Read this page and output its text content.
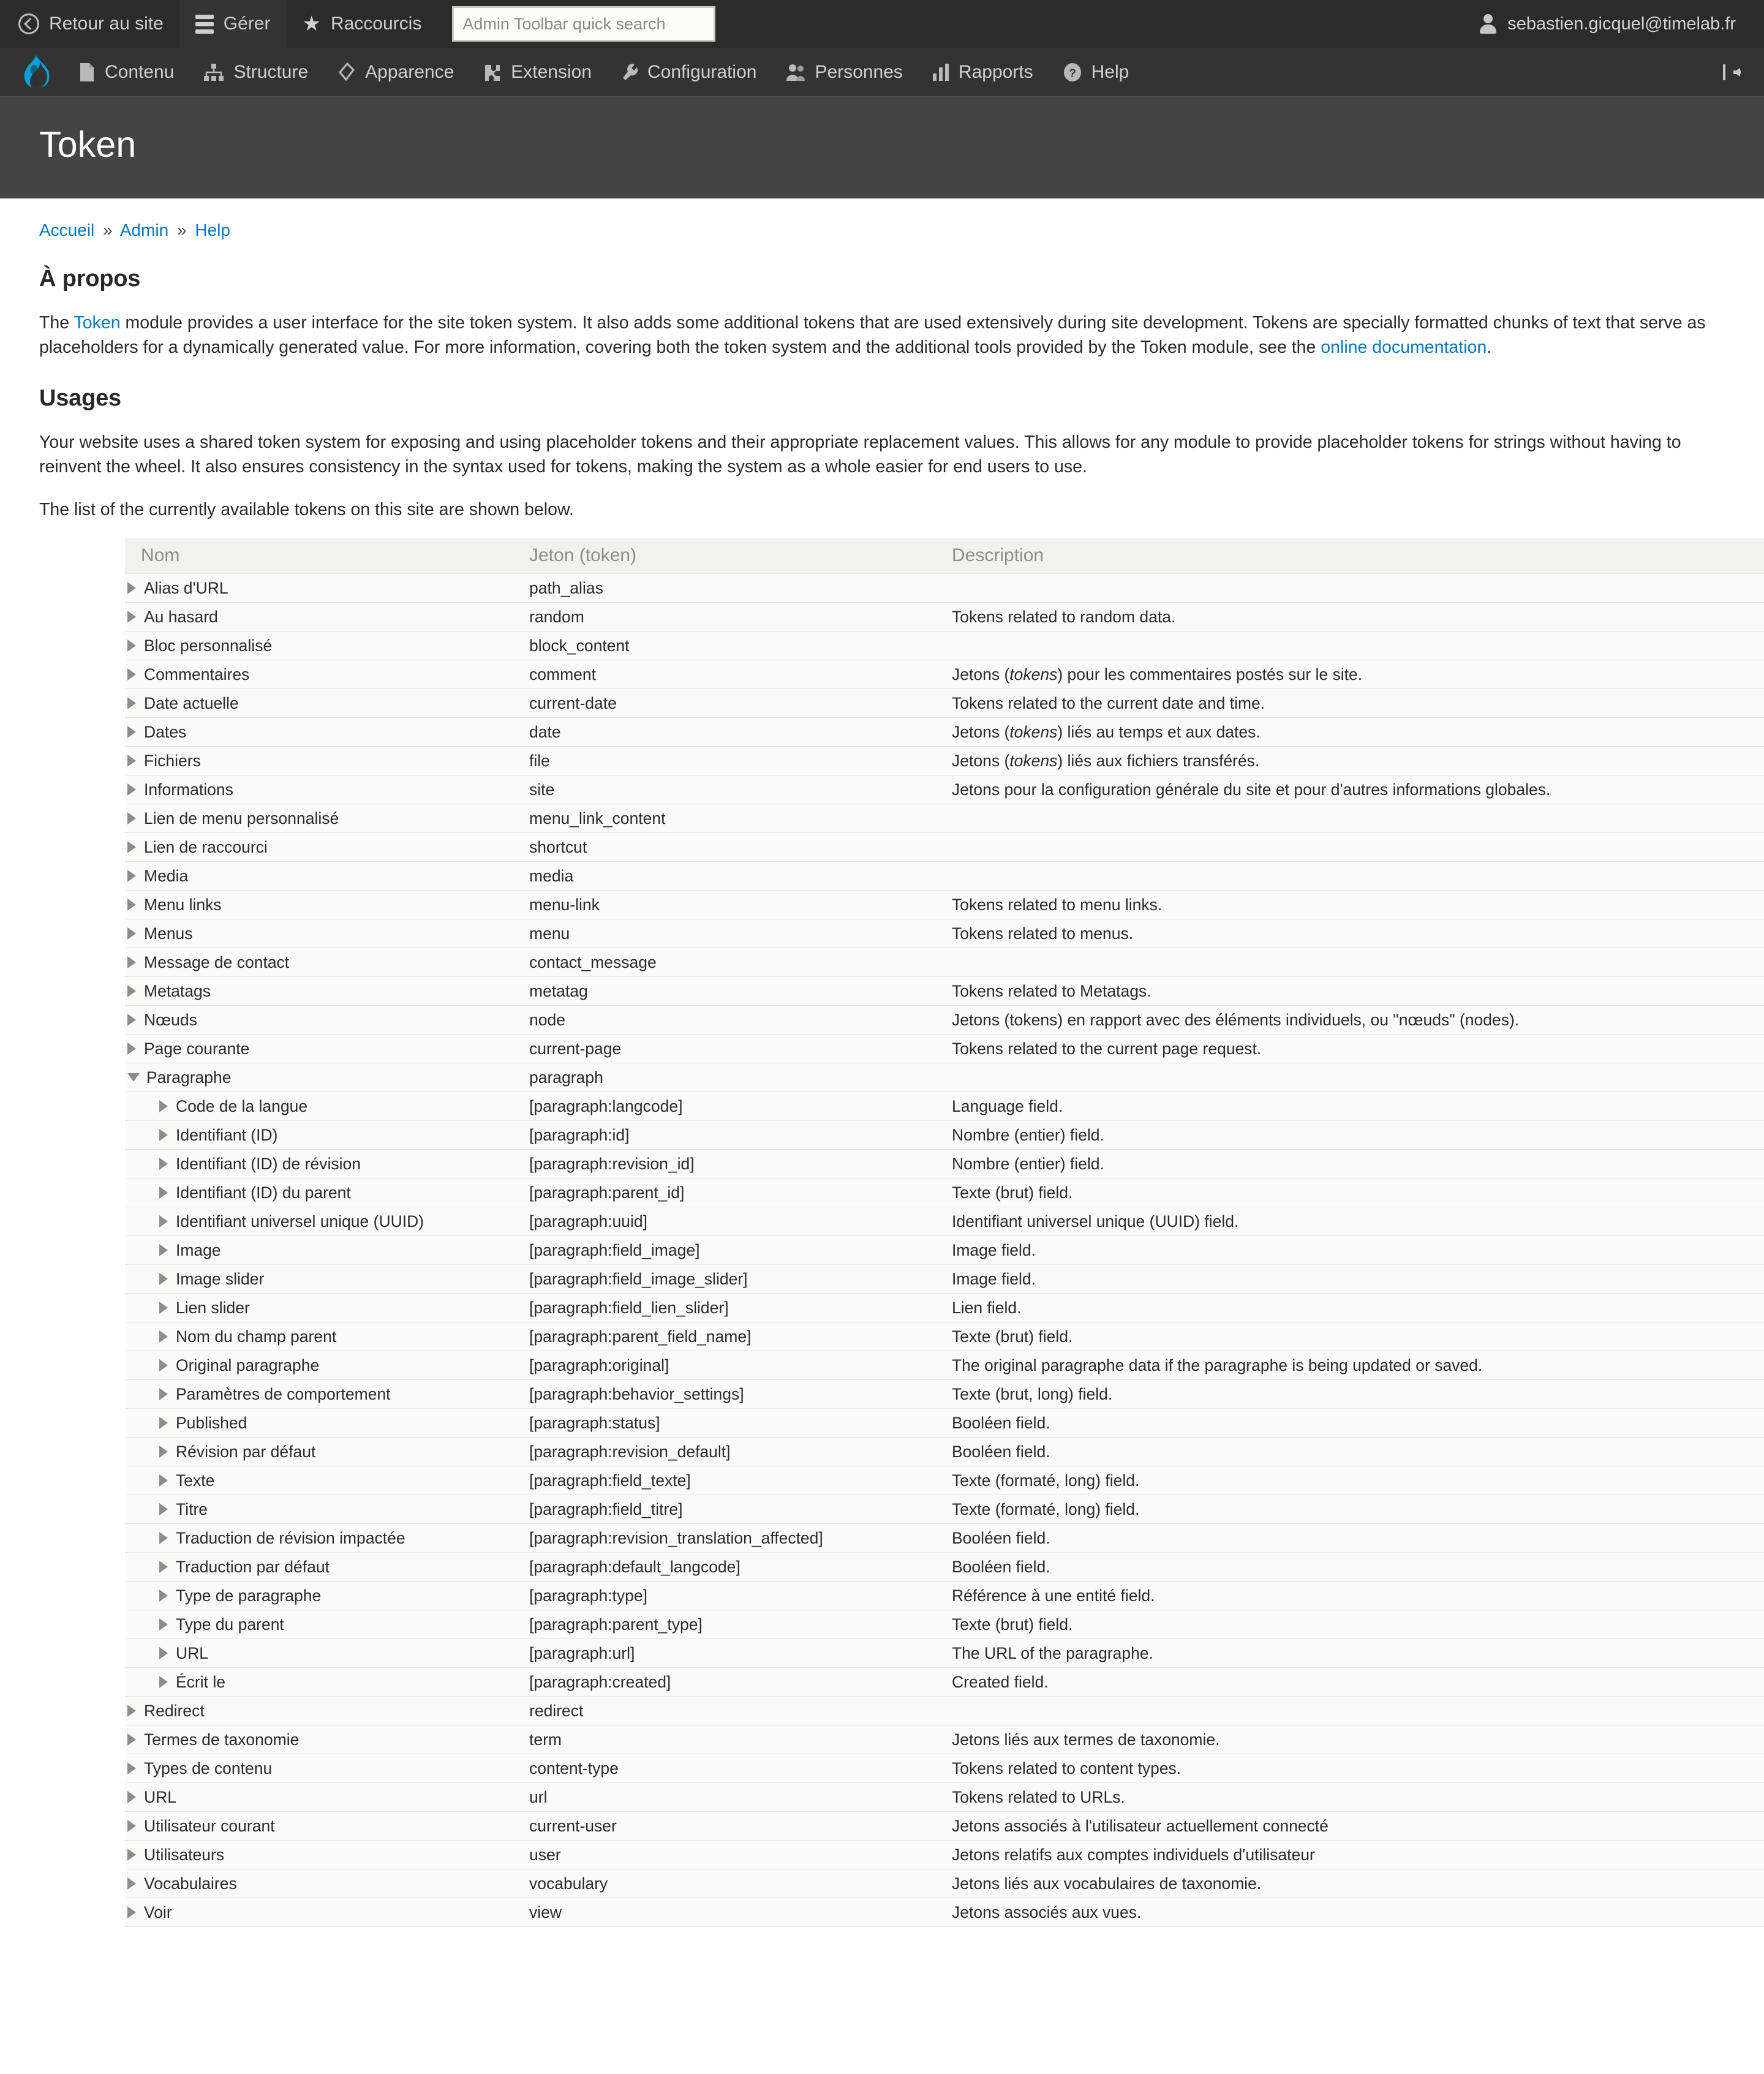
Retour au site	Gérer ★ Raccourcis
Admin Toolbar quick search	sebastien.gicquel@timelab.fr
Contenu	Structure	Apparence	Extension	Configuration	Personnes	Rapports	? Help
Token
Accueil » Admin » Help
À propos

The Token module provides a user interface for the site token system. It also adds some additional tokens that are used extensively during site development. Tokens are specially formatted chunks of text that serve as placeholders for a dynamically generated value. For more information, covering both the token system and the additional tools provided by the Token module, see the online documentation.

Usages

Your website uses a shared token system for exposing and using placeholder tokens and their appropriate replacement values. This allows for any module to provide placeholder tokens for strings without having to reinvent the wheel. It also ensures consistency in the syntax used for tokens, making the system as a whole easier for end users to use.

The list of the currently available tokens on this site are shown below.

Nom	Jeton (token)	Description

Alias d'URL	path_alias	

Au hasard	random	Tokens related to random data.

Bloc personnalisé	block_content	

Commentaires	comment	Jetons (tokens) pour les commentaires postés sur le site.

Date actuelle	current-date	Tokens related to the current date and time.

Dates	date	Jetons (tokens) liés au temps et aux dates.

Fichiers	file	Jetons (tokens) liés aux fichiers transférés.

Informations	site	Jetons pour la configuration générale du site et pour d'autres informations globales.

Lien de menu personnalisé	menu_link_content	

Lien de raccourci	shortcut	

Media	media	

Menu links	menu-link	Tokens related to menu links.

Menus	menu	Tokens related to menus.

Message de contact	contact_message	

Metatags	metatag	Tokens related to Metatags.

Nœuds	node	Jetons (tokens) en rapport avec des éléments individuels, ou "nœuds" (nodes).

Page courante	current-page	Tokens related to the current page request.

Paragraphe	paragraph	

Code de la langue	[paragraph:langcode]	Language field.

Identifiant (ID)	[paragraph:id]	Nombre (entier) field.

Identifiant (ID) de révision	[paragraph:revision_id]	Nombre (entier) field.

Identifiant (ID) du parent	[paragraph:parent_id]	Texte (brut) field.

Identifiant universel unique (UUID)	[paragraph:uuid]	Identifiant universel unique (UUID) field.

Image	[paragraph:field_image]	Image field.

Image slider	[paragraph:field_image_slider]	Image field.

Lien slider	[paragraph:field_lien_slider]	Lien field.

Nom du champ parent	[paragraph:parent_field_name]	Texte (brut) field.

Original paragraphe	[paragraph:original]	The original paragraphe data if the paragraphe is being updated or saved.

Paramètres de comportement	[paragraph:behavior_settings]	Texte (brut, long) field.

Published	[paragraph:status]	Booléen field.

Révision par défaut	[paragraph:revision_default]	Booléen field.

Texte	[paragraph:field_texte]	Texte (formaté, long) field.

Titre	[paragraph:field_titre]	Texte (formaté, long) field.

Traduction de révision impactée	[paragraph:revision_translation_affected]	Booléen field.

Traduction par défaut	[paragraph:default_langcode]	Booléen field.

Type de paragraphe	[paragraph:type]	Référence à une entité field.

Type du parent	[paragraph:parent_type]	Texte (brut) field.

URL	[paragraph:url]	The URL of the paragraphe.

Écrit le	[paragraph:created]	Created field.

Redirect	redirect	

Termes de taxonomie	term	Jetons liés aux termes de taxonomie.

Types de contenu	content-type	Tokens related to content types.

URL	url	Tokens related to URLs.

Utilisateur courant	current-user	Jetons associés à l'utilisateur actuellement connecté

Utilisateurs	user	Jetons relatifs aux comptes individuels d'utilisateur

Vocabulaires	vocabulary	Jetons liés aux vocabulaires de taxonomie.

Voir	view	Jetons associés aux vues.
